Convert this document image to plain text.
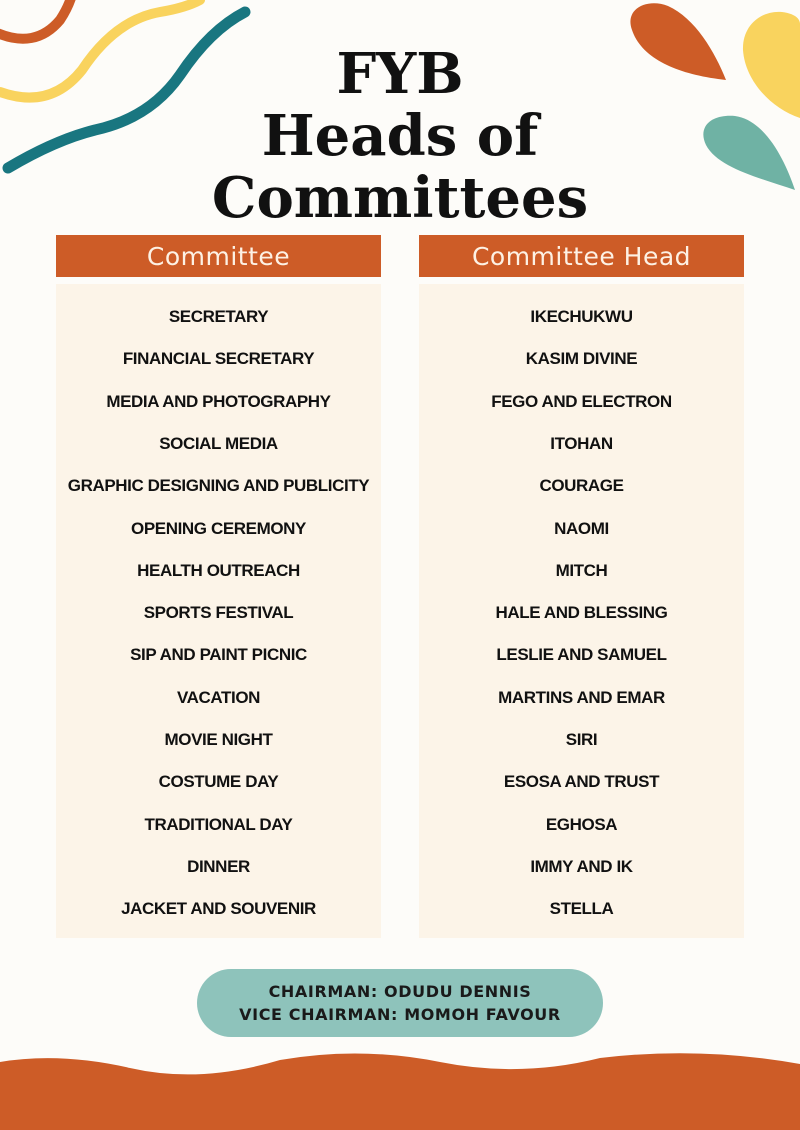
FYB
Heads of
Committees
Committee	Committee Head
SECRETARY
FINANCIAL SECRETARY
MEDIA AND PHOTOGRAPHY
SOCIAL MEDIA
GRAPHIC DESIGNING AND PUBLICITY
OPENING CEREMONY
HEALTH OUTREACH
SPORTS FESTIVAL
SIP AND PAINT PICNIC
VACATION
MOVIE NIGHT
COSTUME DAY
TRADITIONAL DAY
DINNER
JACKET AND SOUVENIR
IKECHUKWU
KASIM DIVINE
FEGO AND ELECTRON
ITOHAN
COURAGE
NAOMI
MITCH
HALE AND BLESSING
LESLIE AND SAMUEL
MARTINS AND EMAR
SIRI
ESOSA AND TRUST
EGHOSA
IMMY AND IK
STELLA
CHAIRMAN: ODUDU DENNIS
VICE CHAIRMAN: MOMOH FAVOUR
